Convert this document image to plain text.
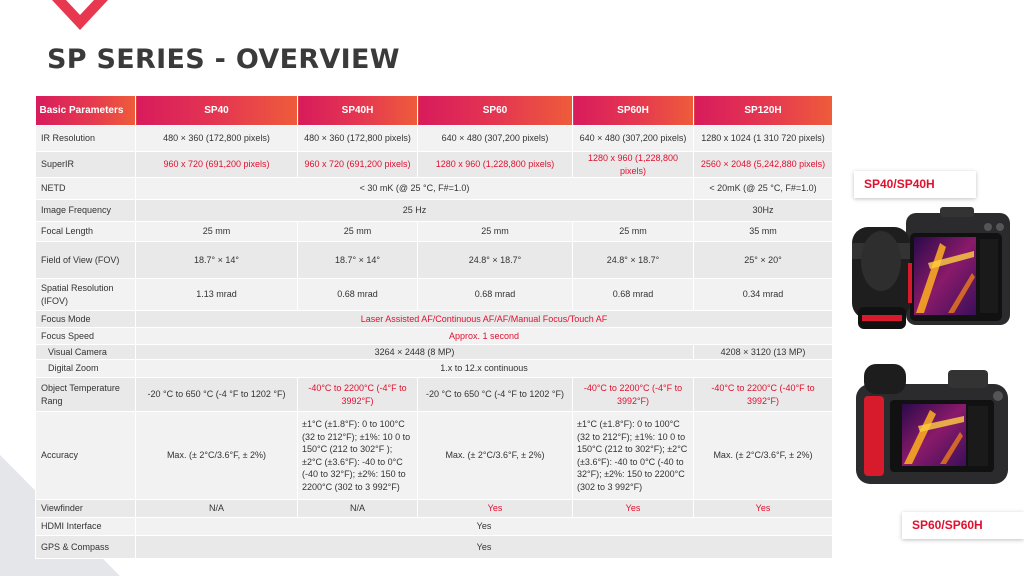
SP SERIES - OVERVIEW
Basic Parameters	SP40	SP40H	SP60	SP60H	SP120H
IR Resolution	480 × 360 (172,800 pixels)	480 × 360 (172,800 pixels)	640 × 480 (307,200 pixels)	640 × 480 (307,200 pixels)	1280 x 1024 (1 310 720 pixels)
SuperIR	960 x 720 (691,200 pixels)	960 x 720 (691,200 pixels)	1280 x 960 (1,228,800 pixels)	1280 x 960 (1,228,800 pixels)	2560 × 2048 (5,242,880 pixels)
NETD	< 30 mK (@ 25 °C, F#=1.0)				< 20mK (@ 25 °C, F#=1.0)
Image Frequency	25 Hz				30Hz
Focal Length	25 mm	25 mm	25 mm	25 mm	35 mm
Field of View (FOV)	18.7° × 14°	18.7° × 14°	24.8° × 18.7°	24.8° × 18.7°	25° × 20°
Spatial Resolution (IFOV)	1.13 mrad	0.68 mrad	0.68 mrad	0.68 mrad	0.34 mrad
Focus Mode	Laser Assisted AF/Continuous AF/AF/Manual Focus/Touch AF				
Focus Speed	Approx. 1 second				
Visual Camera	3264 × 2448 (8 MP)				4208 × 3120 (13 MP)
Digital Zoom	1.x to 12.x continuous				
Object Temperature Rang	-20 °C to 650 °C (-4 °F to 1202 °F)	-40°C to 2200°C (-4°F to 3992°F)	-20 °C to 650 °C (-4 °F to 1202 °F)	-40°C to 2200°C (-4°F to 3992°F)	-40°C to 2200°C (-40°F to 3992°F)
Accuracy	Max. (± 2°C/3.6°F, ± 2%)	±1°C (±1.8°F): 0 to 100°C (32 to 212°F); ±1%: 10 0 to 150°C (212 to 302°F ); ±2°C (±3.6°F): -40 to 0°C (-40 to 32°F); ±2%: 150 to 2200°C (302 to 3 992°F)	Max. (± 2°C/3.6°F, ± 2%)	±1°C (±1.8°F): 0 to 100°C (32 to 212°F); ±1%: 10 0 to 150°C (212 to 302°F); ±2°C (±3.6°F): -40 to 0°C (-40 to 32°F); ±2%: 150 to 2200°C (302 to 3 992°F)	Max. (± 2°C/3.6°F, ± 2%)
Viewfinder	N/A	N/A	Yes	Yes	Yes
HDMI Interface	Yes				
GPS & Compass	Yes				
SP40/SP40H
SP60/SP60H
